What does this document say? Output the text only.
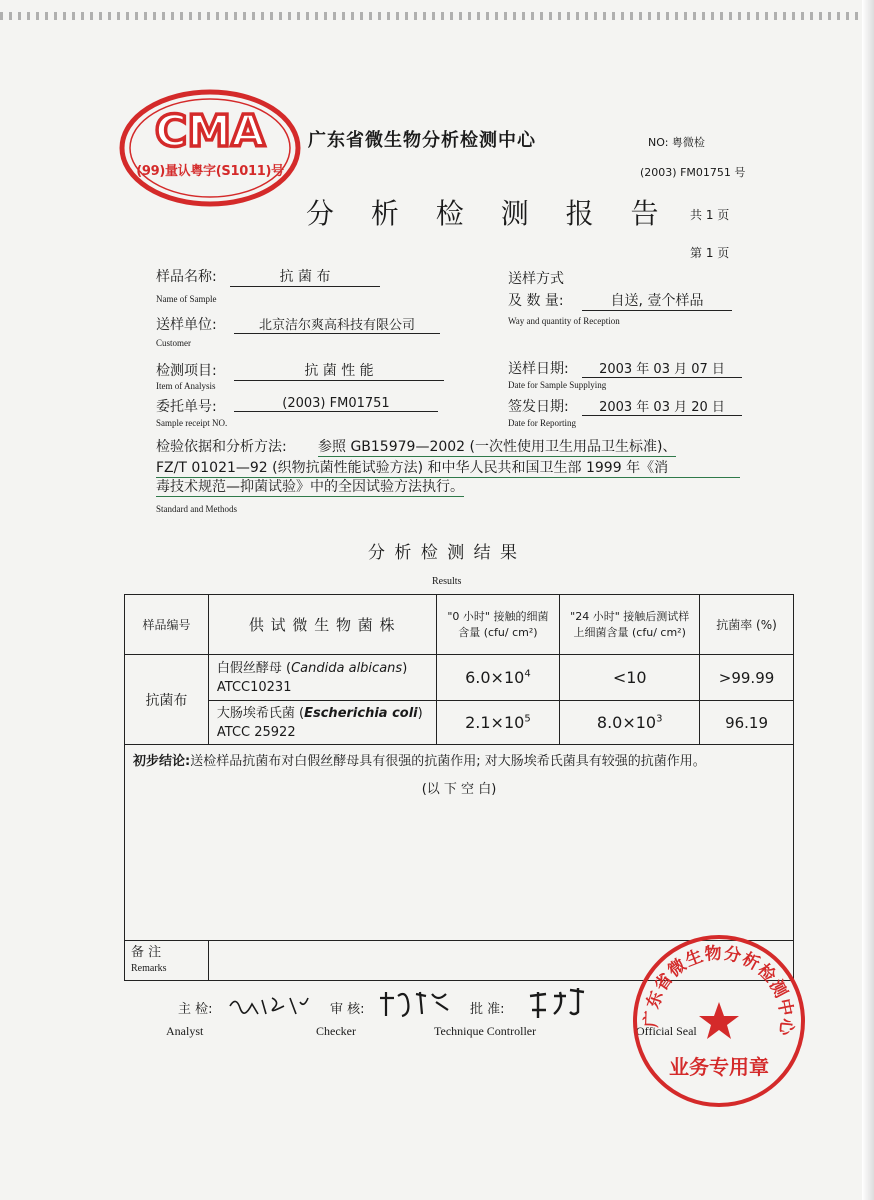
CMA
(99)量认粤字(S1011)号
广东省微生物分析检测中心	NO: 粤微检
(2003) FM01751 号
分 析 检 测 报 告 共 1 页
第 1 页
样品名称:	抗 菌 布
Name of Sample
送样单位:	北京洁尔爽高科技有限公司
Customer
检测项目:	抗 菌 性 能
Item of Analysis
委托单号:	(2003) FM01751
Sample receipt NO.
送样方式
及 数 量:	自送, 壹个样品
Way and quantity of Reception
送样日期:	2003 年 03 月 07 日
Date for Sample Supplying
签发日期:	2003 年 03 月 20 日
Date for Reporting
检验依据和分析方法: 参照 GB15979—2002 (一次性使用卫生用品卫生标准)、
FZ/T 01021—92 (织物抗菌性能试验方法) 和中华人民共和国卫生部 1999 年《消
毒技术规范—抑菌试验》中的全因试验方法执行。
Standard and Methods
分 析 检 测 结 果
Results
样品编号	供 试 微 生 物 菌 株	"0 小时" 接触的细菌含量 (cfu/ cm²)	"24 小时" 接触后测试样上细菌含量 (cfu/ cm²)	抗菌率 (%)
抗菌布	白假丝酵母 (Candida albicans) ATCC10231	$6.0\times 10^4$	<10	>99.99
	大肠埃希氏菌 (Escherichia coli) ATCC 25922	$2.1\times 10^5$	$8.0\times 10^3$	96.19
初步结论:送检样品抗菌布对白假丝酵母具有很强的抗菌作用; 对大肠埃希氏菌具有较强的抗菌作用。
(以 下 空 白)				

备 注
Remarks				

主 检:
Analyst
审 核:
Checker
批 准:
Technique Controller	Official Seal
广东省微生物分析检测中心
业务专用章
